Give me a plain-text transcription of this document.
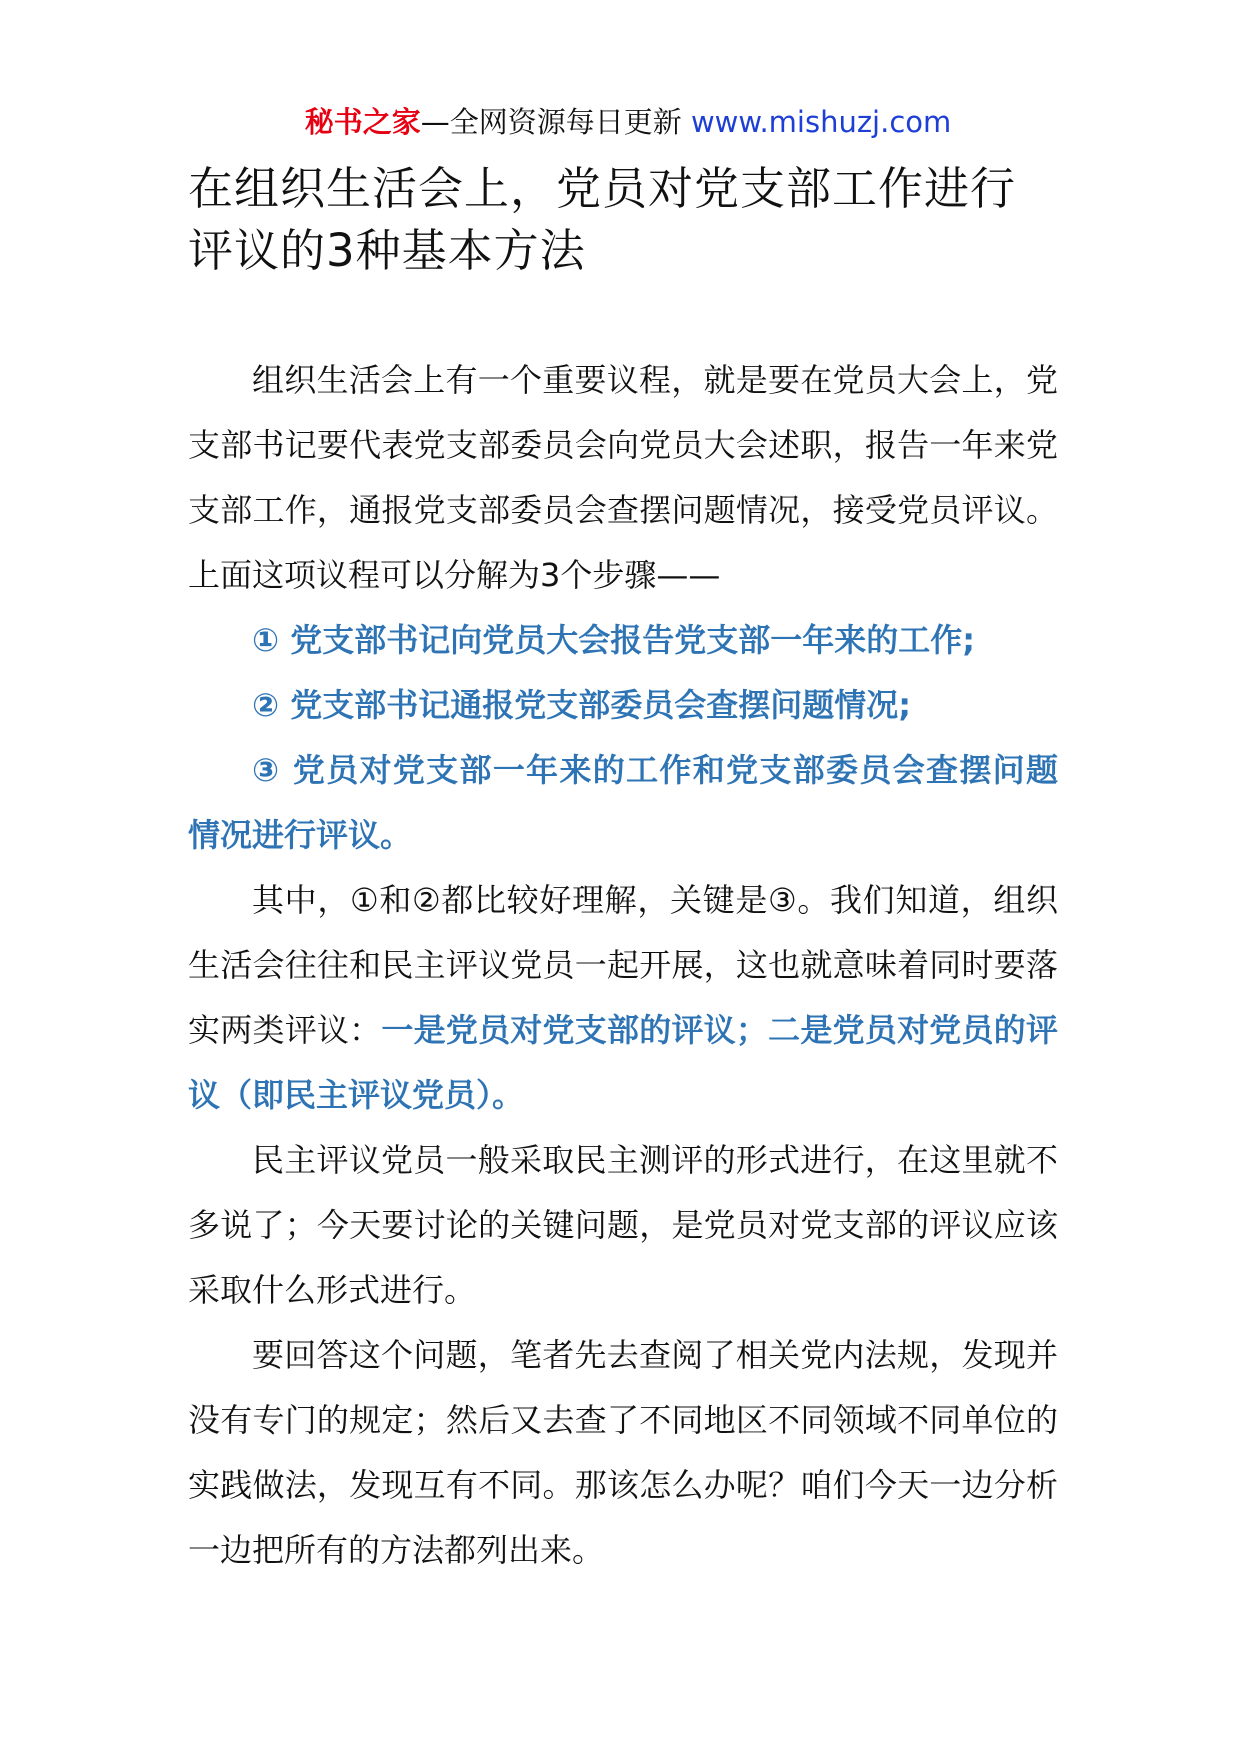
秘书之家—全网资源每日更新 www.mishuzj.com
在组织生活会上，党员对党支部工作进行
评议的3种基本方法

组织生活会上有一个重要议程，就是要在党员大会上，党支部书记要代表党支部委员会向党员大会述职，报告一年来党支部工作，通报党支部委员会查摆问题情况，接受党员评议。上面这项议程可以分解为3个步骤——

① 党支部书记向党员大会报告党支部一年来的工作;

② 党支部书记通报党支部委员会查摆问题情况;

③ 党员对党支部一年来的工作和党支部委员会查摆问题情况进行评议。

其中，①和②都比较好理解，关键是③。我们知道，组织生活会往往和民主评议党员一起开展，这也就意味着同时要落实两类评议：一是党员对党支部的评议；二是党员对党员的评议（即民主评议党员）。

民主评议党员一般采取民主测评的形式进行，在这里就不多说了；今天要讨论的关键问题，是党员对党支部的评议应该采取什么形式进行。

要回答这个问题，笔者先去查阅了相关党内法规，发现并没有专门的规定；然后又去查了不同地区不同领域不同单位的实践做法，发现互有不同。那该怎么办呢？咱们今天一边分析一边把所有的方法都列出来。
